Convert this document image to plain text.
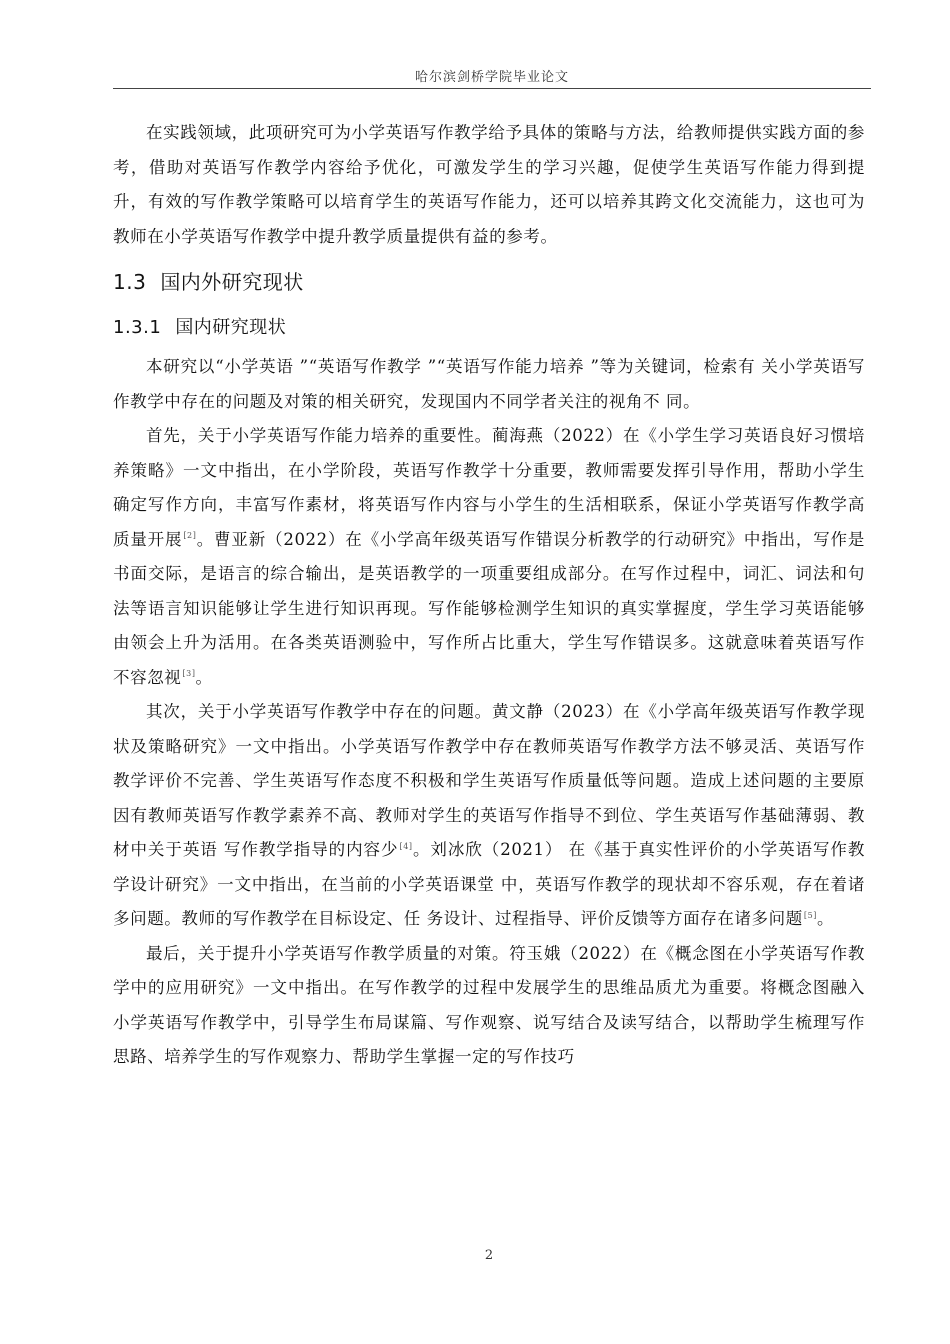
哈尔滨剑桥学院毕业论文

在实践领域，此项研究可为小学英语写作教学给予具体的策略与方法，给教师提供实践方面的参考，借助对英语写作教学内容给予优化，可激发学生的学习兴趣，促使学生英语写作能力得到提升，有效的写作教学策略可以培育学生的英语写作能力，还可以培养其跨文化交流能力，这也可为教师在小学英语写作教学中提升教学质量提供有益的参考。

1.3 国内外研究现状
1.3.1 国内研究现状

本研究以“小学英语 ”“英语写作教学 ”“英语写作能力培养 ”等为关键词，检索有 关小学英语写作教学中存在的问题及对策的相关研究，发现国内不同学者关注的视角不 同。

首先，关于小学英语写作能力培养的重要性。蔺海燕（2022）在《小学生学习英语良好习惯培养策略》一文中指出，在小学阶段，英语写作教学十分重要，教师需要发挥引导作用，帮助小学生确定写作方向，丰富写作素材，将英语写作内容与小学生的生活相联系，保证小学英语写作教学高质量开展[2]。曹亚新（2022）在《小学高年级英语写作错误分析教学的行动研究》中指出，写作是书面交际，是语言的综合输出，是英语教学的一项重要组成部分。在写作过程中，词汇、词法和句法等语言知识能够让学生进行知识再现。写作能够检测学生知识的真实掌握度，学生学习英语能够由领会上升为活用。在各类英语测验中，写作所占比重大，学生写作错误多。这就意味着英语写作不容忽视[3]。

其次，关于小学英语写作教学中存在的问题。黄文静（2023）在《小学高年级英语写作教学现状及策略研究》一文中指出。小学英语写作教学中存在教师英语写作教学方法不够灵活、英语写作教学评价不完善、学生英语写作态度不积极和学生英语写作质量低等问题。造成上述问题的主要原因有教师英语写作教学素养不高、教师对学生的英语写作指导不到位、学生英语写作基础薄弱、教材中关于英语 写作教学指导的内容少[4]。刘冰欣（2021） 在《基于真实性评价的小学英语写作教学设计研究》一文中指出，在当前的小学英语课堂 中，英语写作教学的现状却不容乐观，存在着诸多问题。教师的写作教学在目标设定、任 务设计、过程指导、评价反馈等方面存在诸多问题[5]。

最后，关于提升小学英语写作教学质量的对策。符玉娥（2022）在《概念图在小学英语写作教学中的应用研究》一文中指出。在写作教学的过程中发展学生的思维品质尤为重要。将概念图融入小学英语写作教学中，引导学生布局谋篇、写作观察、说写结合及读写结合，以帮助学生梳理写作思路、培养学生的写作观察力、帮助学生掌握一定的写作技巧

2
